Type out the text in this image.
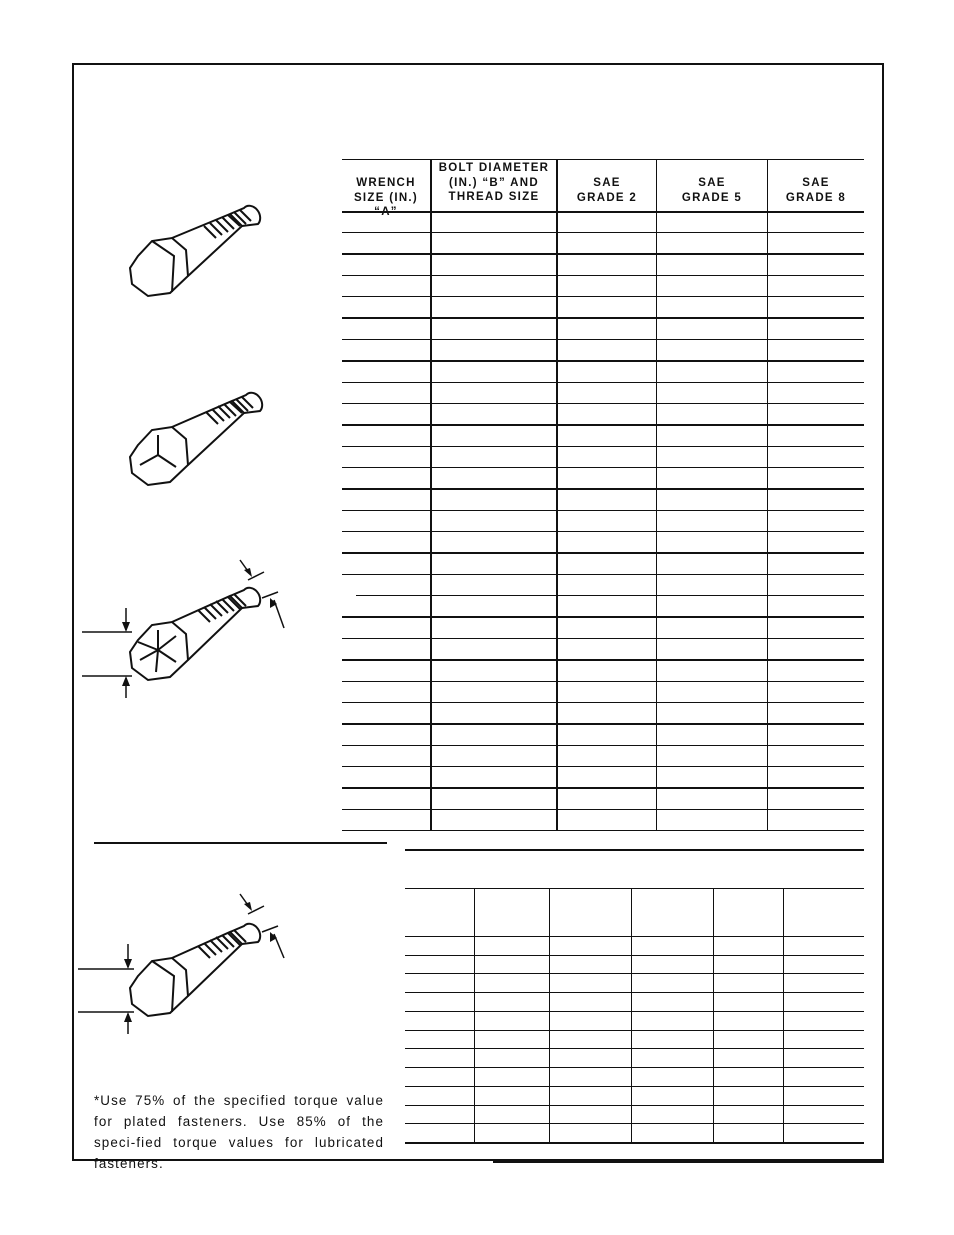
WRENCH
SIZE (IN.)
BOLT DIAMETER
(IN.) “B” AND
THREAD SIZE
SAE
GRADE 2
SAE
GRADE 5
SAE
GRADE 8

*Use 75% of the specified torque value for plated fasteners. Use 85% of the speci-fied torque values for lubricated fasteners.
